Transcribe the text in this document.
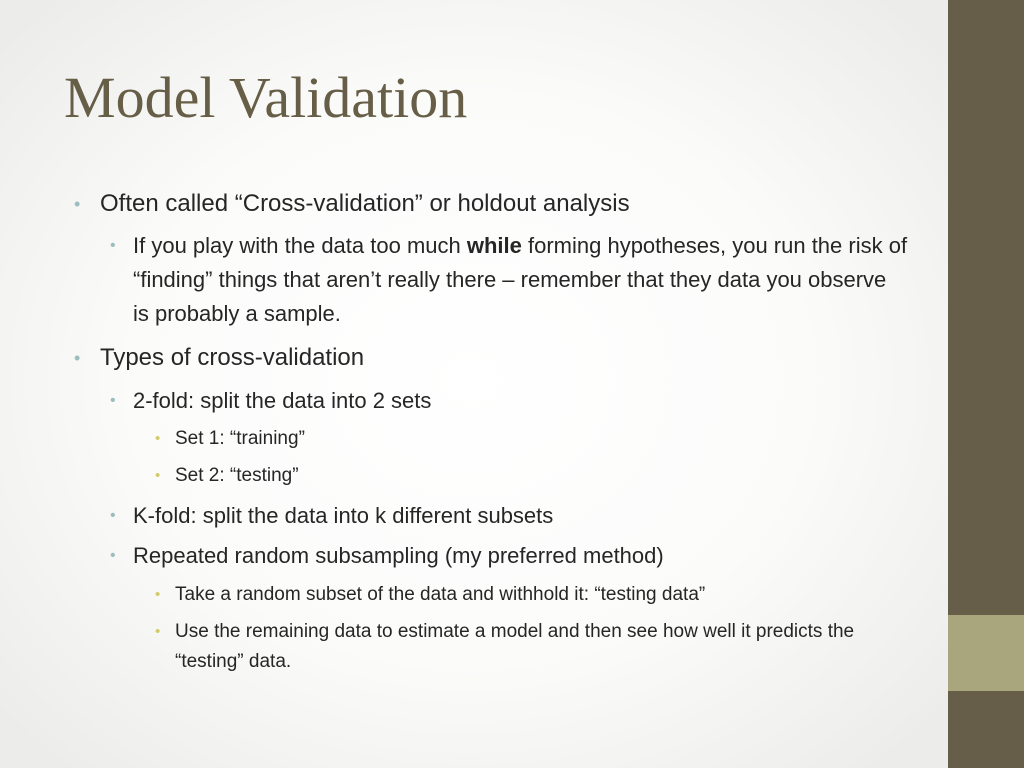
Model Validation
• Often called “Cross-validation” or holdout analysis
• If you play with the data too much while forming hypotheses, you run the risk of “finding” things that aren’t really there – remember that they data you observe is probably a sample.
• Types of cross-validation
• 2-fold: split the data into 2 sets
• Set 1: “training”
• Set 2: “testing”
• K-fold: split the data into k different subsets
• Repeated random subsampling (my preferred method)
• Take a random subset of the data and withhold it: “testing data”
• Use the remaining data to estimate a model and then see how well it predicts the “testing” data.
